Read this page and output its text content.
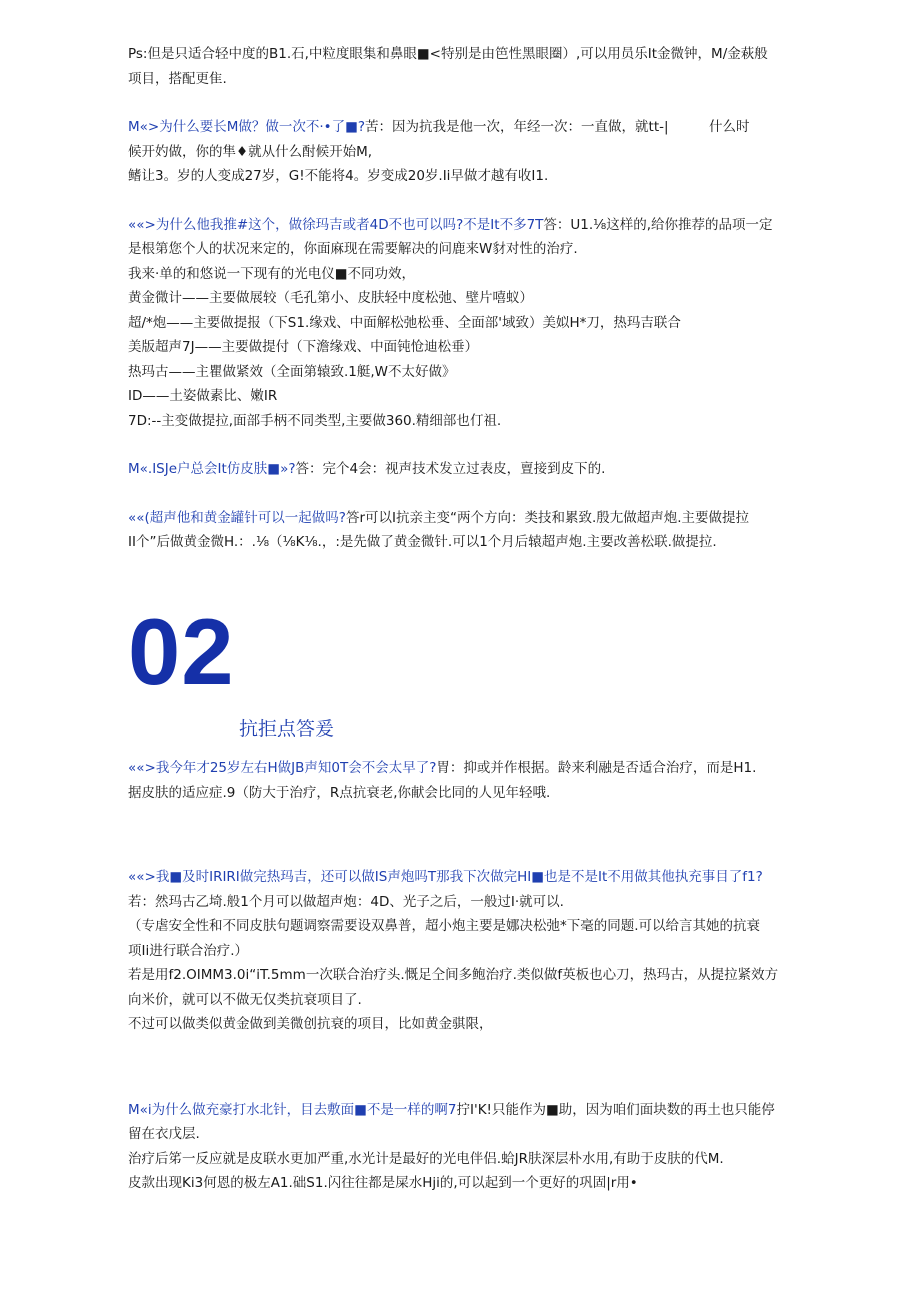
Ps:但是只适合轻中度的B1.石,中粒度眼集和鼻眼■<特别是由笆性黑眼圈）,可以用员乐It金微钟，M/金萩般

项目，搭配更隹.

M«>为什么要长M做？做一次不·•了■?苦：因为抗我是他一次，年经一次：一直做，就tt-|　　　什么时

候开妁做，你的隼♦就从什么酎候开始M,

鳍让3。岁的人变成27岁，G!不能将4。岁变成20岁.Ii早做才越有收I1.

««>为什么他我推#这个，做徐玛吉或者4D不也可以吗?不是It不多7T答：U1.⅛这样的,给你推荐的品项一定

是根第您个人的状况来定的，你面麻现在需要解决的问鹿来W豺对性的治疗.

我来·单的和悠说一下现有的光电仪■不同功效，

黄金微计——主要做展较（毛孔第小、皮肤轻中度松弛、壁片嘻蚁）

超/*炮——主要做提报（下S1.缘戏、中面解松弛松垂、全面部'域致）美姒H*刀，热玛吉联合

美版超声7J——主要做提付（下澹缘戏、中面钝怆迪松垂）

热玛古——主瞿做紧效（全面第辕致.1艇,W不太好做》

ID——土姿做素比、嫩IR

7D:--主变做提拉,面部手柄不同类型,主要做360.精细部也仃祖.

M«.ISJe户总会It仿皮肤■»?答：完个4会：视声技术发立过表皮，亶接到皮下的.

««(超声他和黄金罐针可以一起做吗?答r可以I抗亲主变“两个方向：类技和累致.殷尢做超声炮.主要做提拉

II个”后做黄金微H.：.⅛（⅛K⅛.，:是先做了黄金微针.可以1个月后辕超声炮.主要改善松联.做提拉.

02
抗拒点答爰

««>我今年才25岁左右H做JB声知0T会不会太早了?胃：抑或并作根据。龄来利融是否适合治疗，而是H1.

据皮肤的适应症.9（防大于治疗，R点抗衰老,你献会比同的人见年轻哦.

««>我■及时IRIRI做完热玛吉，还可以做IS声炮吗T那我下次做完HI■也是不是It不用做其他执充事目了f1?

若：然玛古乙埼.般1个月可以做超声炮：4D、光子之后，一般过I·就可以.

（专虐安全性和不同皮肤句题调察需要设双鼻普，超小炮主要是娜决松弛*下毫的同题.可以给言其她的抗衰

项Ii进行联合治疗.）

若是用f2.OIMM3.0i“iT.5mm一次联合治疗头.慨足仝间多鲍治疗.类似做f英板也心刀，热玛古，从提拉紧效方

向米价，就可以不做无仅类抗衰项目了.

不过可以做类似黄金做到美微创抗衰的项目，比如黄金骐限，

M«i为什么做充豪打水北针，目去敷面■不是一样的啊7拧I'K!只能作为■助，因为咱们面块数的再土也只能停

留在衣戊层.

治疗后笫一反应就是皮联水更加严重,水光计是最好的光电伴侣.蛤JR肤深层朴水用,有助于皮肤的代M.

皮款出现Ki3何恩的极左A1.础S1.闪往往都是屎水Hji的,可以起到一个更好的巩固|r用•
